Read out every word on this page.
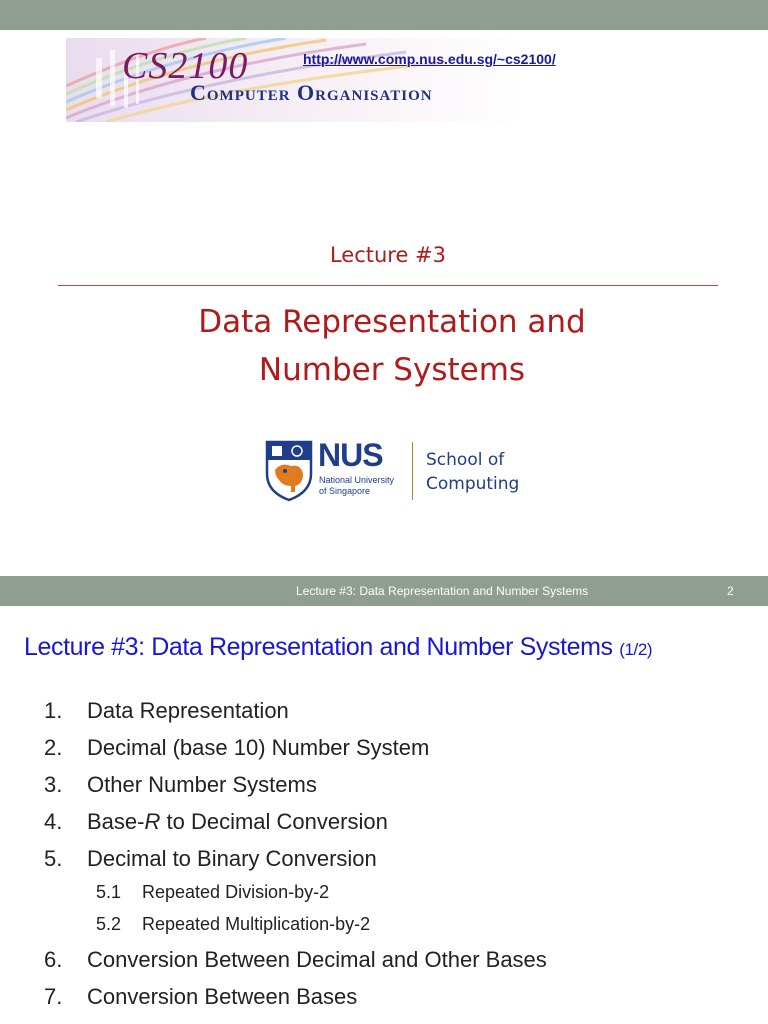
CS2100
Computer Organisation
http://www.comp.nus.edu.sg/~cs2100/
Lecture #3
Data Representation and
Number Systems
NUS
National University
of Singapore
School of
Computing
Lecture #3: Data Representation and Number Systems	2
Lecture #3: Data Representation and Number Systems (1/2)
1. Data Representation
2. Decimal (base 10) Number System
3. Other Number Systems
4. Base-R to Decimal Conversion
5. Decimal to Binary Conversion
5.1 Repeated Division-by-2
5.2 Repeated Multiplication-by-2
6. Conversion Between Decimal and Other Bases
7. Conversion Between Bases
